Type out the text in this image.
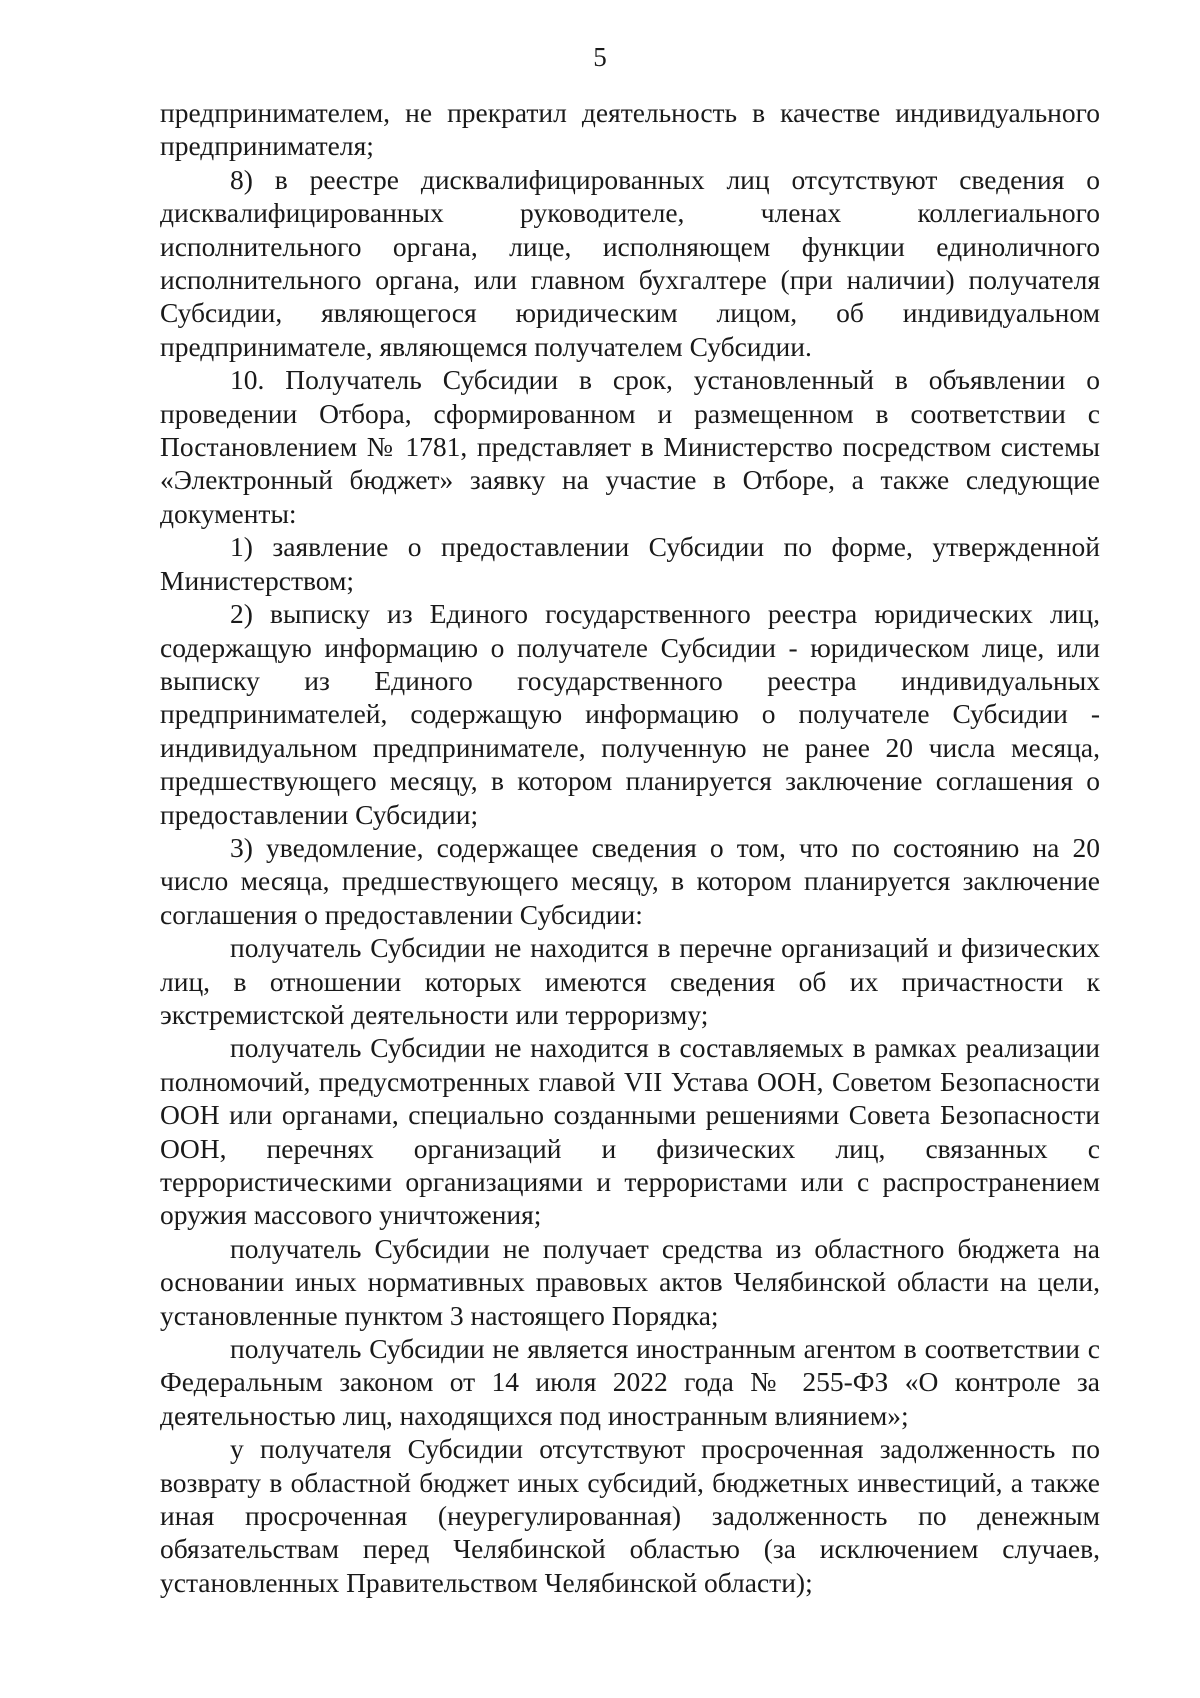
5

предпринимателем, не прекратил деятельность в качестве индивидуального предпринимателя;

8) в реестре дисквалифицированных лиц отсутствуют сведения о дисквалифицированных руководителе, членах коллегиального исполнительного органа, лице, исполняющем функции единоличного исполнительного органа, или главном бухгалтере (при наличии) получателя Субсидии, являющегося юридическим лицом, об индивидуальном предпринимателе, являющемся получателем Субсидии.

10. Получатель Субсидии в срок, установленный в объявлении о проведении Отбора, сформированном и размещенном в соответствии с Постановлением № 1781, представляет в Министерство посредством системы «Электронный бюджет» заявку на участие в Отборе, а также следующие документы:

1) заявление о предоставлении Субсидии по форме, утвержденной Министерством;

2) выписку из Единого государственного реестра юридических лиц, содержащую информацию о получателе Субсидии - юридическом лице, или выписку из Единого государственного реестра индивидуальных предпринимателей, содержащую информацию о получателе Субсидии - индивидуальном предпринимателе, полученную не ранее 20 числа месяца, предшествующего месяцу, в котором планируется заключение соглашения о предоставлении Субсидии;

3) уведомление, содержащее сведения о том, что по состоянию на 20 число месяца, предшествующего месяцу, в котором планируется заключение соглашения о предоставлении Субсидии:

получатель Субсидии не находится в перечне организаций и физических лиц, в отношении которых имеются сведения об их причастности к экстремистской деятельности или терроризму;

получатель Субсидии не находится в составляемых в рамках реализации полномочий, предусмотренных главой VII Устава ООН, Советом Безопасности ООН или органами, специально созданными решениями Совета Безопасности ООН, перечнях организаций и физических лиц, связанных с террористическими организациями и террористами или с распространением оружия массового уничтожения;

получатель Субсидии не получает средства из областного бюджета на основании иных нормативных правовых актов Челябинской области на цели, установленные пунктом 3 настоящего Порядка;

получатель Субсидии не является иностранным агентом в соответствии с Федеральным законом от 14 июля 2022 года № 255-ФЗ «О контроле за деятельностью лиц, находящихся под иностранным влиянием»;

у получателя Субсидии отсутствуют просроченная задолженность по возврату в областной бюджет иных субсидий, бюджетных инвестиций, а также иная просроченная (неурегулированная) задолженность по денежным обязательствам перед Челябинской областью (за исключением случаев, установленных Правительством Челябинской области);
